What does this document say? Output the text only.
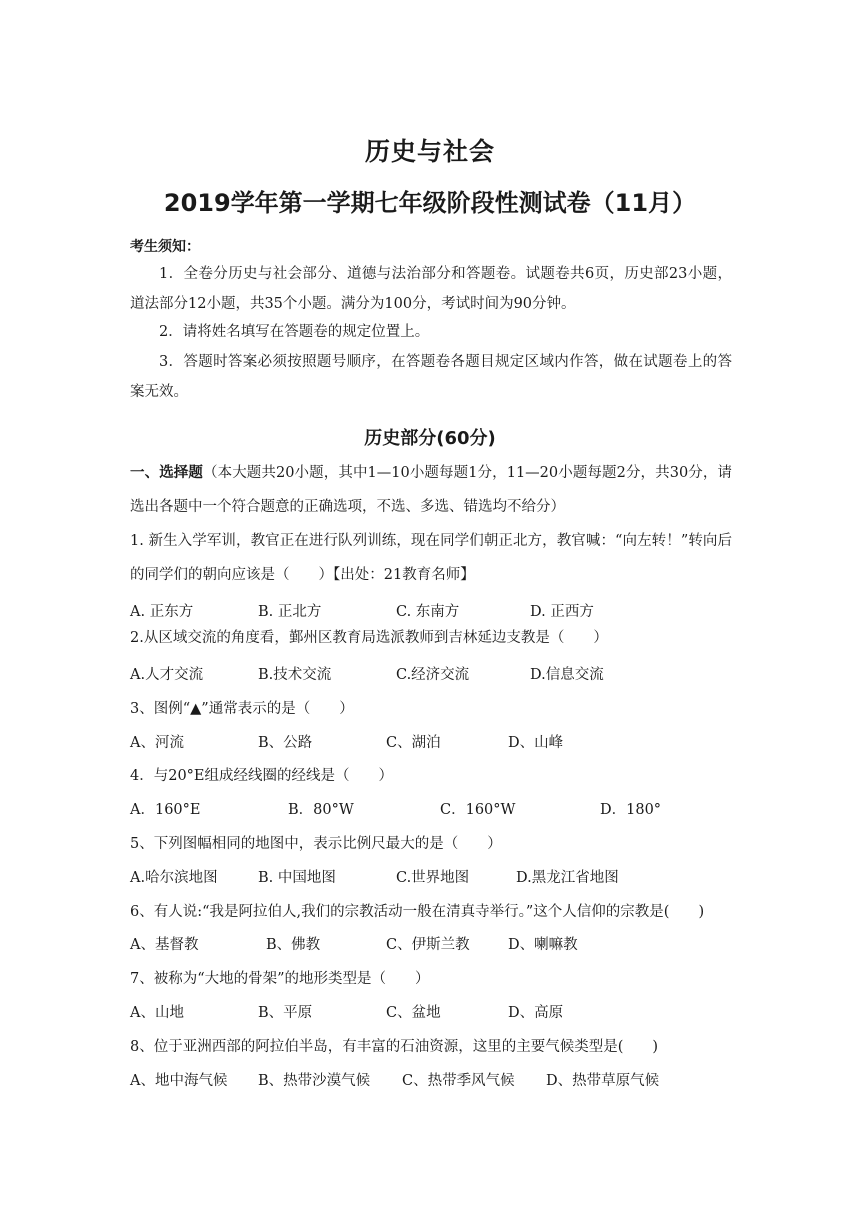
历史与社会
2019学年第一学期七年级阶段性测试卷（11月）
考生须知：
1．全卷分历史与社会部分、道德与法治部分和答题卷。试题卷共6页，历史部23小题，道法部分12小题，共35个小题。满分为100分，考试时间为90分钟。
2．请将姓名填写在答题卷的规定位置上。
3．答题时答案必须按照题号顺序，在答题卷各题目规定区域内作答，做在试题卷上的答案无效。
历史部分(60分)
一、选择题（本大题共20小题，其中1—10小题每题1分，11—20小题每题2分，共30分，请选出各题中一个符合题意的正确选项，不选、多选、错选均不给分）
1. 新生入学军训，教官正在进行队列训练，现在同学们朝正北方，教官喊：“向左转！”转向后的同学们的朝向应该是（　　）【出处：21教育名师】
A. 正东方	B. 正北方	C. 东南方	D. 正西方
2.从区域交流的角度看，鄞州区教育局选派教师到吉林延边支教是（　　）
A.人才交流	B.技术交流	C.经济交流	D.信息交流
3、图例“▲”通常表示的是（　　）
A、河流	B、公路	C、湖泊	D、山峰
4．与20°E组成经线圈的经线是（　　）
A．160°E	B．80°W	C．160°W	D．180°
5、下列图幅相同的地图中，表示比例尺最大的是（　　）
A.哈尔滨地图	B. 中国地图	C.世界地图	D.黑龙江省地图
6、有人说:“我是阿拉伯人,我们的宗教活动一般在清真寺举行。”这个人信仰的宗教是(　　)
A、基督教	B、佛教	C、伊斯兰教	D、喇嘛教
7、被称为“大地的骨架”的地形类型是（　　）
A、山地	B、平原	C、盆地	D、高原
8、位于亚洲西部的阿拉伯半岛，有丰富的石油资源，这里的主要气候类型是(　　)
A、地中海气候 B、热带沙漠气候 C、热带季风气候 D、热带草原气候
